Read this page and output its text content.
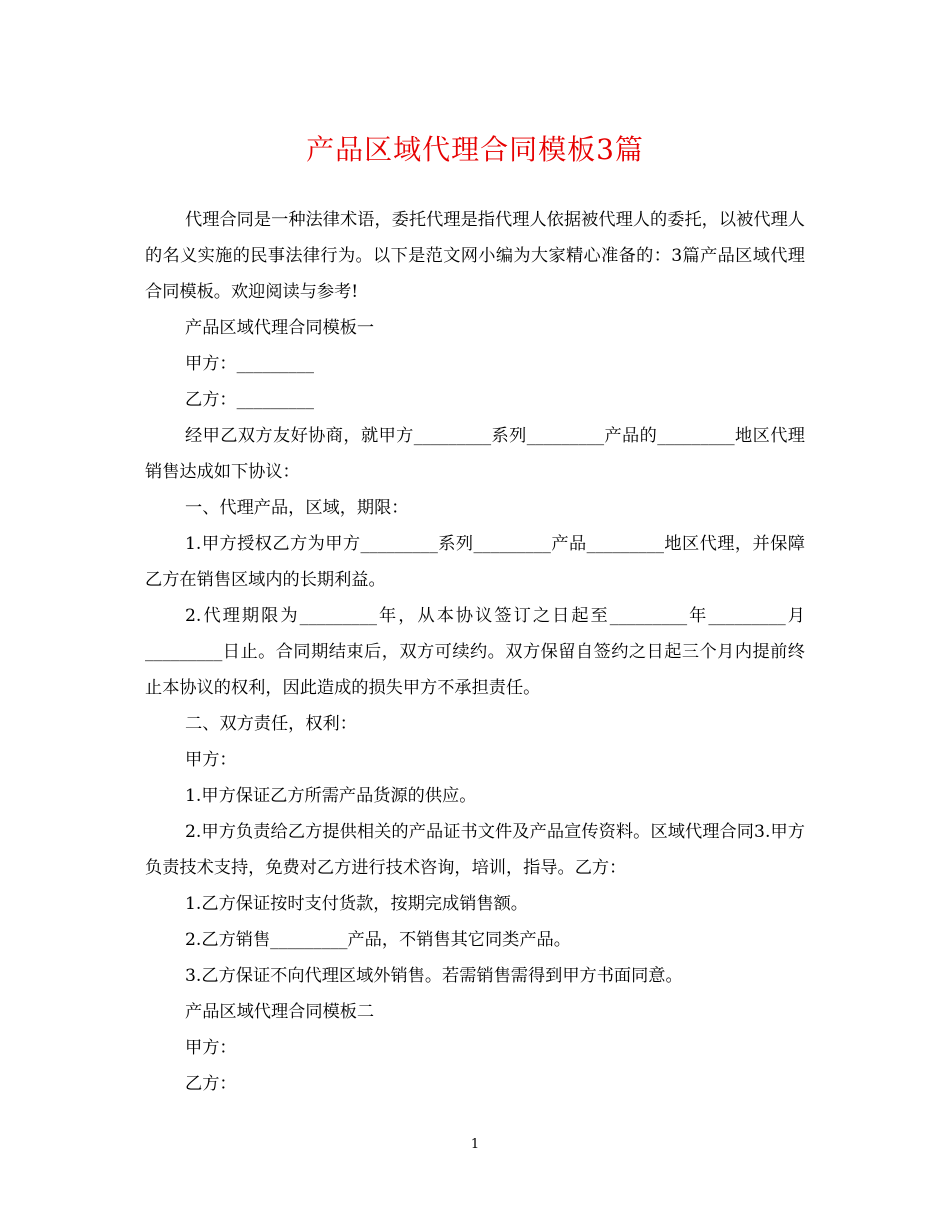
产品区域代理合同模板3篇

代理合同是一种法律术语，委托代理是指代理人依据被代理人的委托，以被代理人的名义实施的民事法律行为。以下是范文网小编为大家精心准备的：3篇产品区域代理合同模板。欢迎阅读与参考!

产品区域代理合同模板一

甲方：_________

乙方：_________

经甲乙双方友好协商，就甲方_________系列_________产品的_________地区代理销售达成如下协议：

一、代理产品，区域，期限：

1.甲方授权乙方为甲方_________系列_________产品_________地区代理，并保障乙方在销售区域内的长期利益。

2.代理期限为_________年，从本协议签订之日起至_________年_________月_________日止。合同期结束后，双方可续约。双方保留自签约之日起三个月内提前终止本协议的权利，因此造成的损失甲方不承担责任。

二、双方责任，权利：

甲方：

1.甲方保证乙方所需产品货源的供应。

2.甲方负责给乙方提供相关的产品证书文件及产品宣传资料。区域代理合同3.甲方负责技术支持，免费对乙方进行技术咨询，培训，指导。乙方：

1.乙方保证按时支付货款，按期完成销售额。

2.乙方销售_________产品，不销售其它同类产品。

3.乙方保证不向代理区域外销售。若需销售需得到甲方书面同意。

产品区域代理合同模板二

甲方：

乙方：

1
